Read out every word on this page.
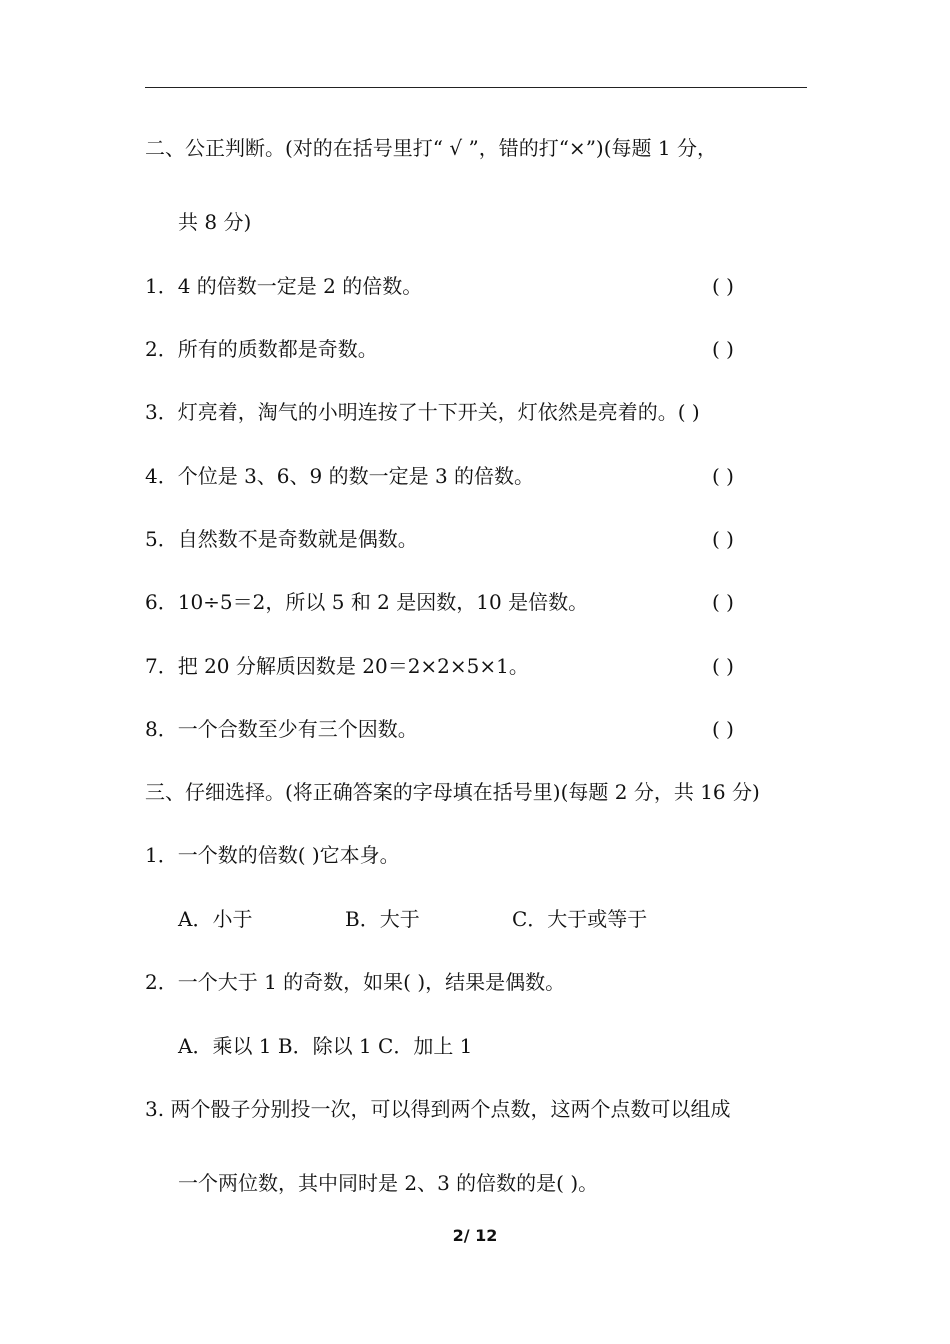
二、公正判断。(对的在括号里打“ √ ”，错的打“×”)(每题 1 分，
共 8 分)
1．4 的倍数一定是 2 的倍数。	( )
2．所有的质数都是奇数。	( )
3．灯亮着，淘气的小明连按了十下开关，灯依然是亮着的。( )
4．个位是 3、6、9 的数一定是 3 的倍数。	( )
5．自然数不是奇数就是偶数。	( )
6．10÷5＝2，所以 5 和 2 是因数，10 是倍数。	( )
7．把 20 分解质因数是 20＝2×2×5×1。	( )
8．一个合数至少有三个因数。	( )
三、仔细选择。(将正确答案的字母填在括号里)(每题 2 分，共 16 分)
1．一个数的倍数( )它本身。
A．小于	B．大于	C．大于或等于
2．一个大于 1 的奇数，如果( )，结果是偶数。
A．乘以 1 B．除以 1 C．加上 1
3. 两个骰子分别投一次，可以得到两个点数，这两个点数可以组成
一个两位数，其中同时是 2、3 的倍数的是( )。
2/ 12
